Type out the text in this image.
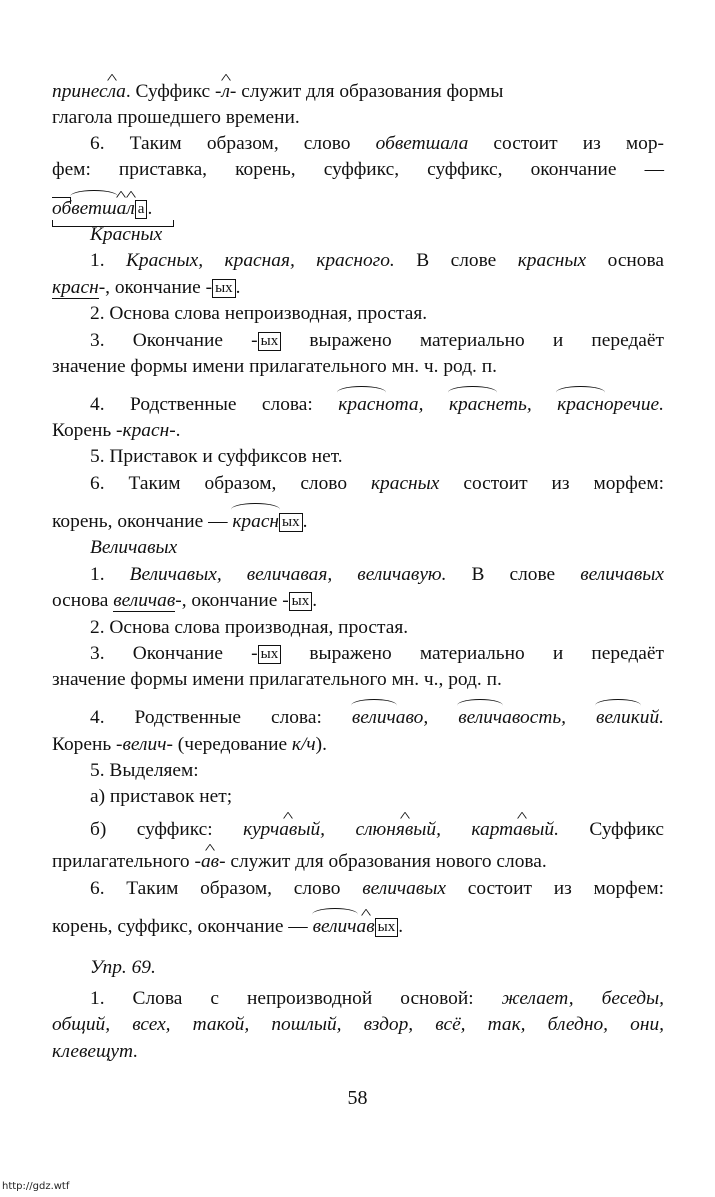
принес^ ла. Суффикс -^ л- служит для образования формы
глагола прошедшего времени.
6. Таким образом, слово обветшала состоит из мор-
фем: приставка, корень, суффикс, суффикс, окончание —
обветш^ а^ л а .
Красных
1. Красных, красная, красного. В слове красных основа
красн-, окончание - ых .
2. Основа слова непроизводная, простая.
3. Окончание - ых выражено материально и передаёт
значение формы имени прилагательного мн. ч. род. п.
4. Родственные слова: краснота, краснеть, красноречие.
Корень -красн-.
5. Приставок и суффиксов нет.
6. Таким образом, слово красных состоит из морфем:
корень, окончание — красн ых .
Величавых
1. Величавых, величавая, величавую. В слове величавых
основа величав-, окончание - ых .
2. Основа слова производная, простая.
3. Окончание - ых выражено материально и передаёт
значение формы имени прилагательного мн. ч., род. п.
4. Родственные слова: величаво, величавость, великий.
Корень -велич- (чередование к/ч).
5. Выделяем:
а) приставок нет;
б) суффикс: курч^ авый, слюн^ явый, карт^ авый. Суффикс
прилагательного -^ ав- служит для образования нового слова.
6. Таким образом, слово величавых состоит из морфем:
корень, суффикс, окончание — велич^ ав ых .
Упр. 69.
1. Слова с непроизводной основой: желает, беседы,
общий, всех, такой, пошлый, вздор, всё, так, бледно, они,
клевещут.
58
http://gdz.wtf
